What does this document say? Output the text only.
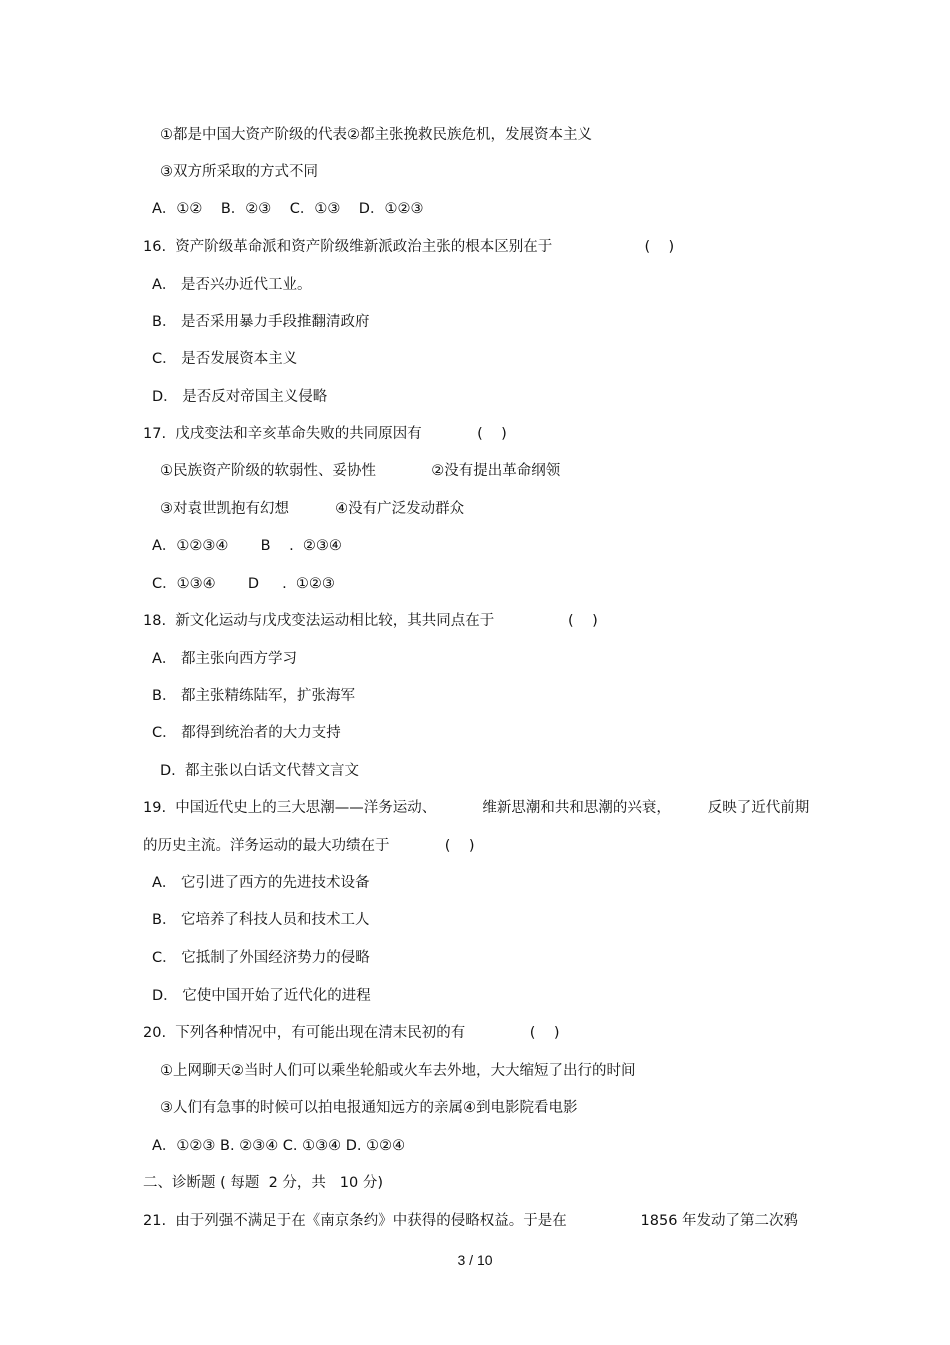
①都是中国大资产阶级的代表②都主张挽救民族危机，发展资本主义
③双方所采取的方式不同
A．①②    B．②③    C．①③    D．①②③
16.  资产阶级革命派和资产阶级维新派政治主张的根本区别在于                    (    )
A． 是否兴办近代工业。
B． 是否采用暴力手段推翻清政府
C． 是否发展资本主义
D． 是否反对帝国主义侵略
17.  戊戌变法和辛亥革命失败的共同原因有            (    )
①民族资产阶级的软弱性、妥协性            ②没有提出革命纲领
③对袁世凯抱有幻想          ④没有广泛发动群众
A．①②③④       B    .  ②③④
C．①③④       D     .  ①②③
18.  新文化运动与戊戌变法运动相比较，其共同点在于                (    )
A． 都主张向西方学习
B． 都主张精练陆军，扩张海军
C． 都得到统治者的大力支持
D.  都主张以白话文代替文言文
19.  中国近代史上的三大思潮——洋务运动、          维新思潮和共和思潮的兴衰，        反映了近代前期
的历史主流。洋务运动的最大功绩在于            (    )
A． 它引进了西方的先进技术设备
B． 它培养了科技人员和技术工人
C． 它抵制了外国经济势力的侵略
D． 它使中国开始了近代化的进程
20.  下列各种情况中，有可能出现在清末民初的有              (    )
①上网聊天②当时人们可以乘坐轮船或火车去外地，大大缩短了出行的时间
③人们有急事的时候可以拍电报通知远方的亲属④到电影院看电影
A．①②③ B. ②③④ C. ①③④ D. ①②④
二、诊断题 ( 每题  2 分，共   10 分)
21.  由于列强不满足于在《南京条约》中获得的侵略权益。于是在                1856 年发动了第二次鸦
3 / 10
